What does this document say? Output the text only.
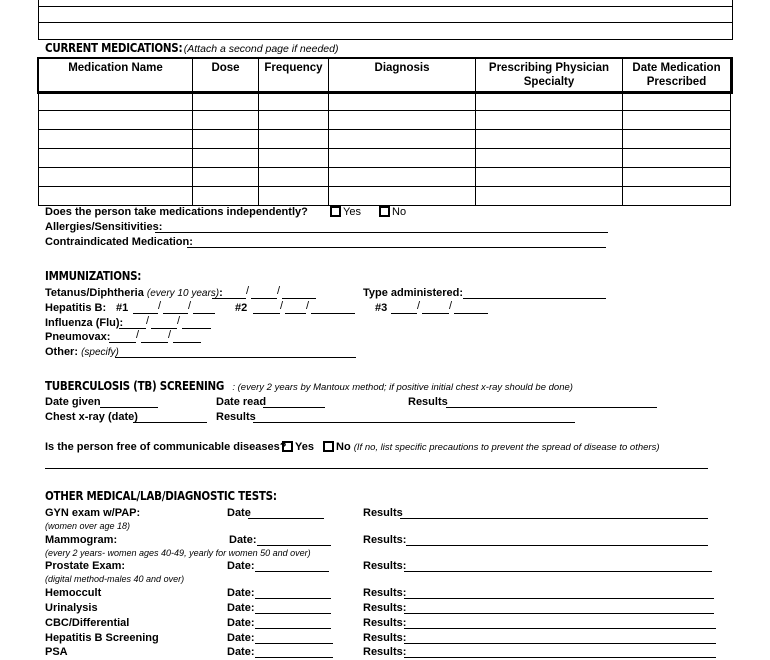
CURRENT MEDICATIONS: (Attach a second page if needed)
Medication Name	Dose	Frequency	Diagnosis	Prescribing Physician Specialty	Date Medication Prescribed

Does the person take medications independently?	Yes	No
Allergies/Sensitivities:
Contraindicated Medication:
IMMUNIZATIONS:
Tetanus/Diphtheria (every 10 years): /	/	Type administered:
Hepatitis B: #1	/ /	#2	/ /	#3	/	/
Influenza (Flu): /	/
Pneumovax: /	/
Other: (specify)
TUBERCULOSIS (TB) SCREENING : (every 2 years by Mantoux method; if positive initial chest x-ray should be done)
Date given	Date read	Results
Chest x-ray (date)	Results
Is the person free of communicable diseases? Yes	No (If no, list specific precautions to prevent the spread of disease to others)
OTHER MEDICAL/LAB/DIAGNOSTIC TESTS:
GYN exam w/PAP:
(women over age 18)
Date	Results
Mammogram:
(every 2 years- women ages 40-49, yearly for women 50 and over)
Date:	Results:
Prostate Exam:
(digital method-males 40 and over)
Date:	Results:
Hemoccult	Date:	Results:
Urinalysis	Date:	Results:
CBC/Differential	Date:	Results:
Hepatitis B Screening	Date:	Results:
PSA	Date:	Results:
